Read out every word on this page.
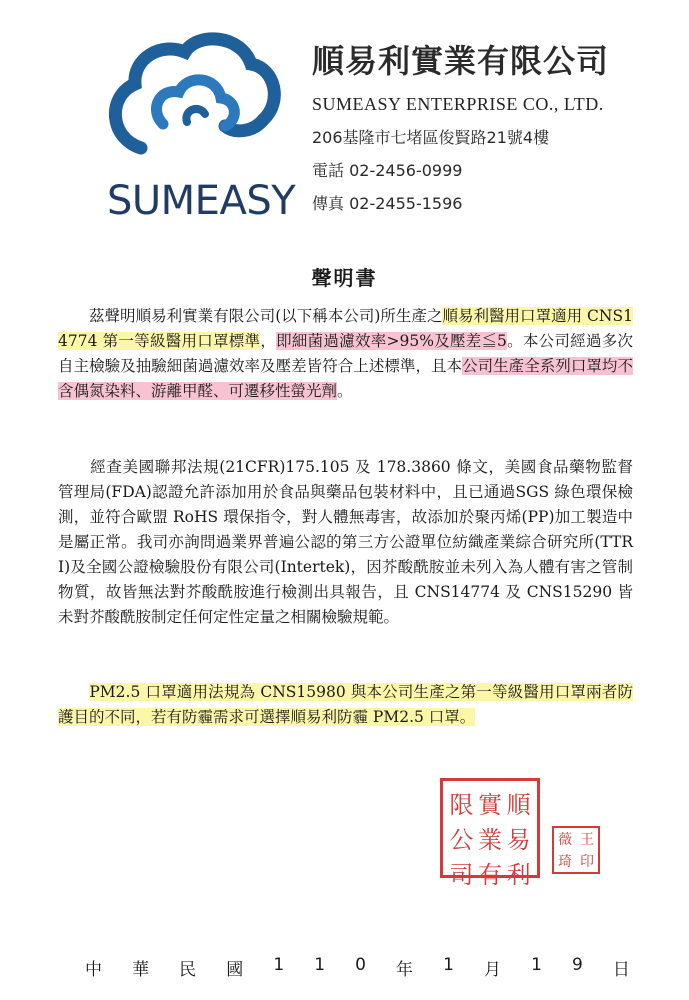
SUMEASY
順易利實業有限公司
SUMEASY ENTERPRISE CO., LTD.
206基隆市七堵區俊賢路21號4樓
電話 02-2456-0999
傳真 02-2455-1596
聲明書

　　茲聲明順易利實業有限公司(以下稱本公司)所生產之順易利醫用口罩適用 CNS14774 第一等級醫用口罩標準，即細菌過濾效率>95%及壓差≦5。本公司經過多次自主檢驗及抽驗細菌過濾效率及壓差皆符合上述標準，且本公司生產全系列口罩均不含偶氮染料、游離甲醛、可遷移性螢光劑。

　　經查美國聯邦法規(21CFR)175.105 及 178.3860 條文，美國食品藥物監督管理局(FDA)認證允許添加用於食品與藥品包裝材料中，且已通過SGS 綠色環保檢測，並符合歐盟 RoHS 環保指令，對人體無毒害，故添加於聚丙烯(PP)加工製造中是屬正常。我司亦詢問過業界普遍公認的第三方公證單位紡織產業綜合研究所(TTRI)及全國公證檢驗股份有限公司(Intertek)，因芥酸酰胺並未列入為人體有害之管制物質，故皆無法對芥酸酰胺進行檢測出具報告，且 CNS14774 及 CNS15290 皆未對芥酸酰胺制定任何定性定量之相關檢驗規範。

　　PM2.5 口罩適用法規為 CNS15980 與本公司生產之第一等級醫用口罩兩者防護目的不同，若有防霾需求可選擇順易利防霾 PM2.5 口罩。

限 實 順
公 業 易
司 有 利
薇 王
琦 印
中 華 民 國 1 1 0 年 1 月 1 9 日
